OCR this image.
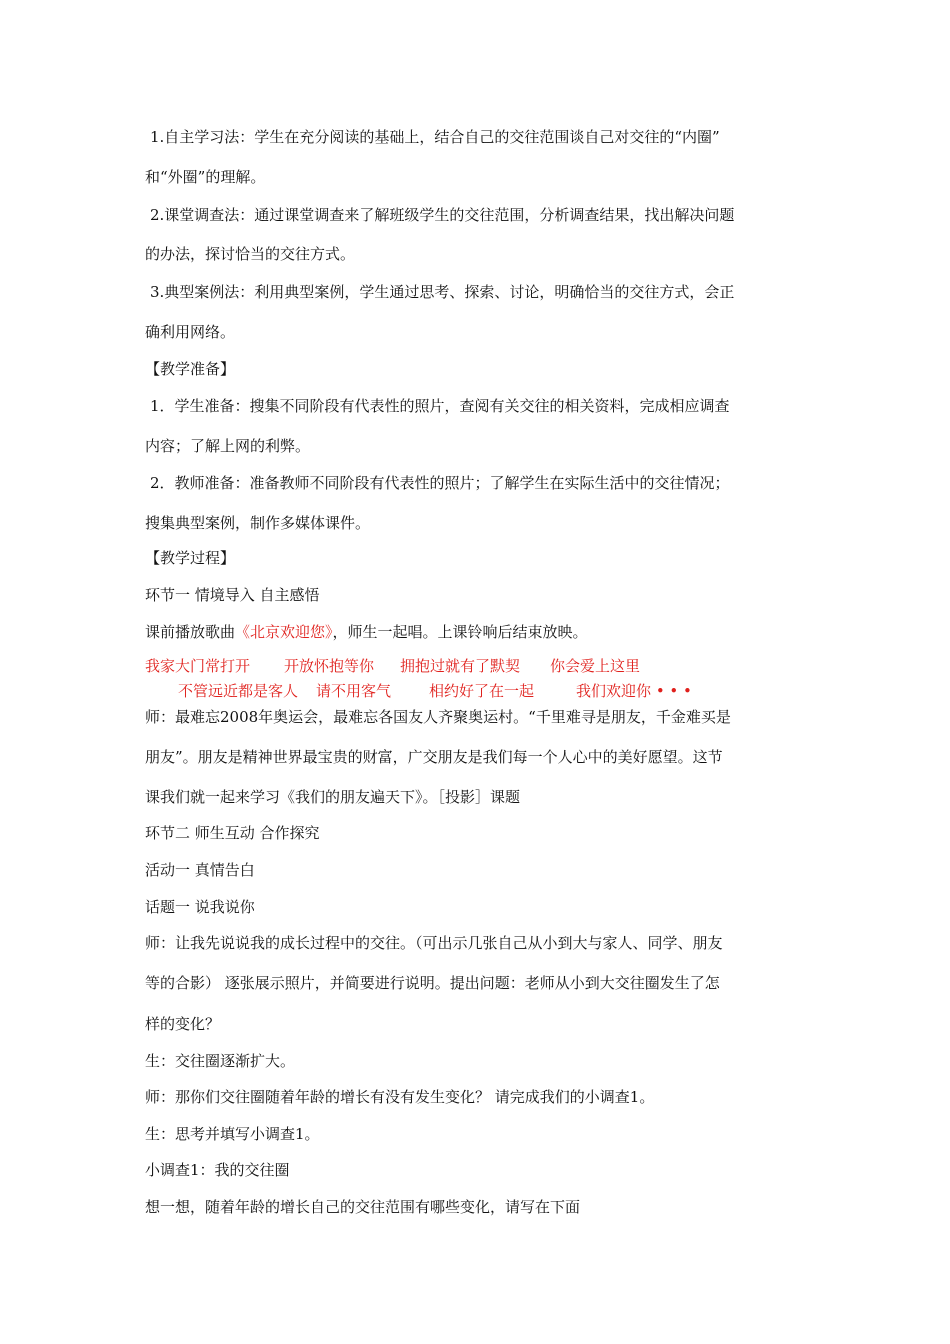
1.自主学习法：学生在充分阅读的基础上，结合自己的交往范围谈自己对交往的“内圈”
和“外圈”的理解。
2.课堂调查法：通过课堂调查来了解班级学生的交往范围，分析调查结果，找出解决问题
的办法，探讨恰当的交往方式。
3.典型案例法：利用典型案例，学生通过思考、探索、讨论，明确恰当的交往方式，会正
确利用网络。
【教学准备】
1．学生准备：搜集不同阶段有代表性的照片，查阅有关交往的相关资料，完成相应调查
内容；了解上网的利弊。
2．教师准备：准备教师不同阶段有代表性的照片；了解学生在实际生活中的交往情况；
搜集典型案例，制作多媒体课件。
【教学过程】
环节一 情境导入 自主感悟
课前播放歌曲《北京欢迎您》，师生一起唱。上课铃响后结束放映。
我家大门常打开 开放怀抱等你 拥抱过就有了默契 你会爱上这里
不管远近都是客人 请不用客气	相约好了在一起	我们欢迎你 • • •
师：最难忘2008年奥运会，最难忘各国友人齐聚奥运村。“千里难寻是朋友，千金难买是
朋友”。朋友是精神世界最宝贵的财富，广交朋友是我们每一个人心中的美好愿望。这节
课我们就一起来学习《我们的朋友遍天下》。［投影］课题
环节二 师生互动 合作探究
活动一 真情告白
话题一 说我说你
师：让我先说说我的成长过程中的交往。（可出示几张自己从小到大与家人、同学、朋友
等的合影） 逐张展示照片，并简要进行说明。提出问题：老师从小到大交往圈发生了怎
样的变化？
生：交往圈逐渐扩大。
师：那你们交往圈随着年龄的增长有没有发生变化？ 请完成我们的小调查1。
生：思考并填写小调查1。
小调查1：我的交往圈
想一想，随着年龄的增长自己的交往范围有哪些变化，请写在下面
